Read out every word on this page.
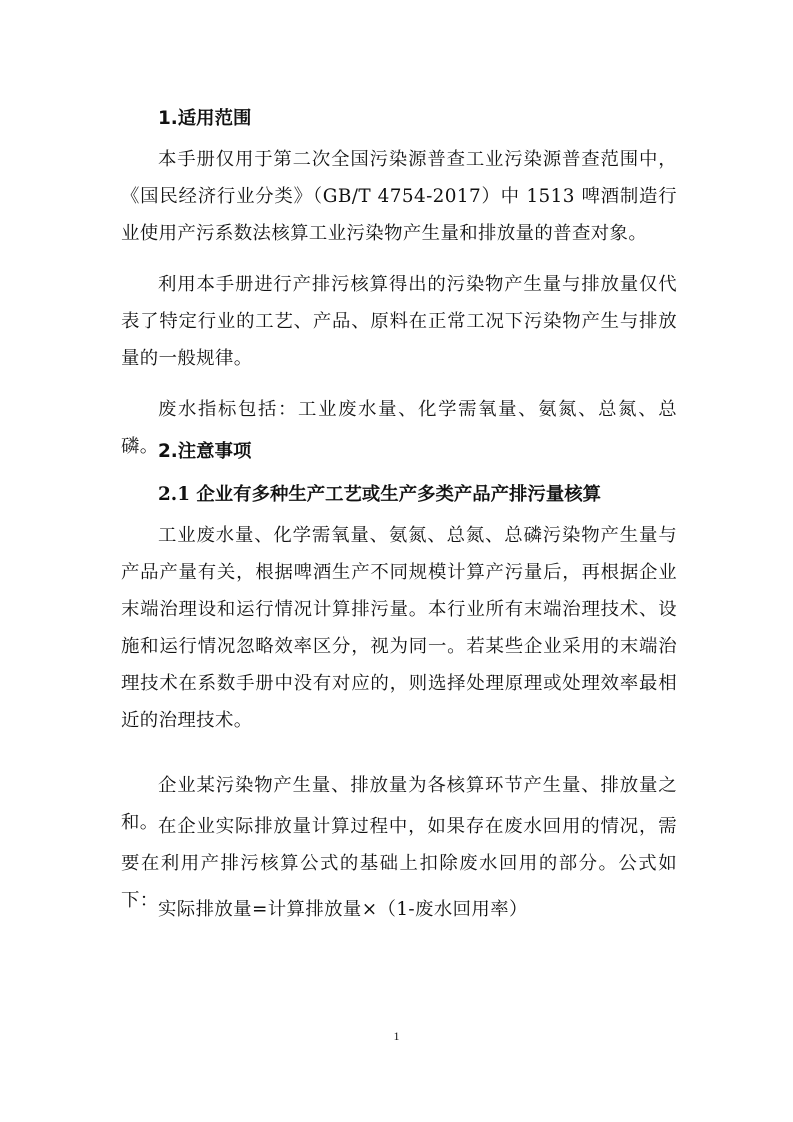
1.适用范围

本手册仅用于第二次全国污染源普查工业污染源普查范围中，《国民经济行业分类》（GB/T 4754-2017）中 1513 啤酒制造行业使用产污系数法核算工业污染物产生量和排放量的普查对象。

利用本手册进行产排污核算得出的污染物产生量与排放量仅代表了特定行业的工艺、产品、原料在正常工况下污染物产生与排放量的一般规律。

废水指标包括：工业废水量、化学需氧量、氨氮、总氮、总磷。 2.注意事项
2.1 企业有多种生产工艺或生产多类产品产排污量核算

工业废水量、化学需氧量、氨氮、总氮、总磷污染物产生量与产品产量有关，根据啤酒生产不同规模计算产污量后，再根据企业末端治理设和运行情况计算排污量。本行业所有末端治理技术、设施和运行情况忽略效率区分，视为同一。若某些企业采用的末端治理技术在系数手册中没有对应的，则选择处理原理或处理效率最相近的治理技术。

企业某污染物产生量、排放量为各核算环节产生量、排放量之和。 在企业实际排放量计算过程中，如果存在废水回用的情况，需要在利用产排污核算公式的基础上扣除废水回用的部分。公式如下： 实际排放量=计算排放量×（1-废水回用率）

1
